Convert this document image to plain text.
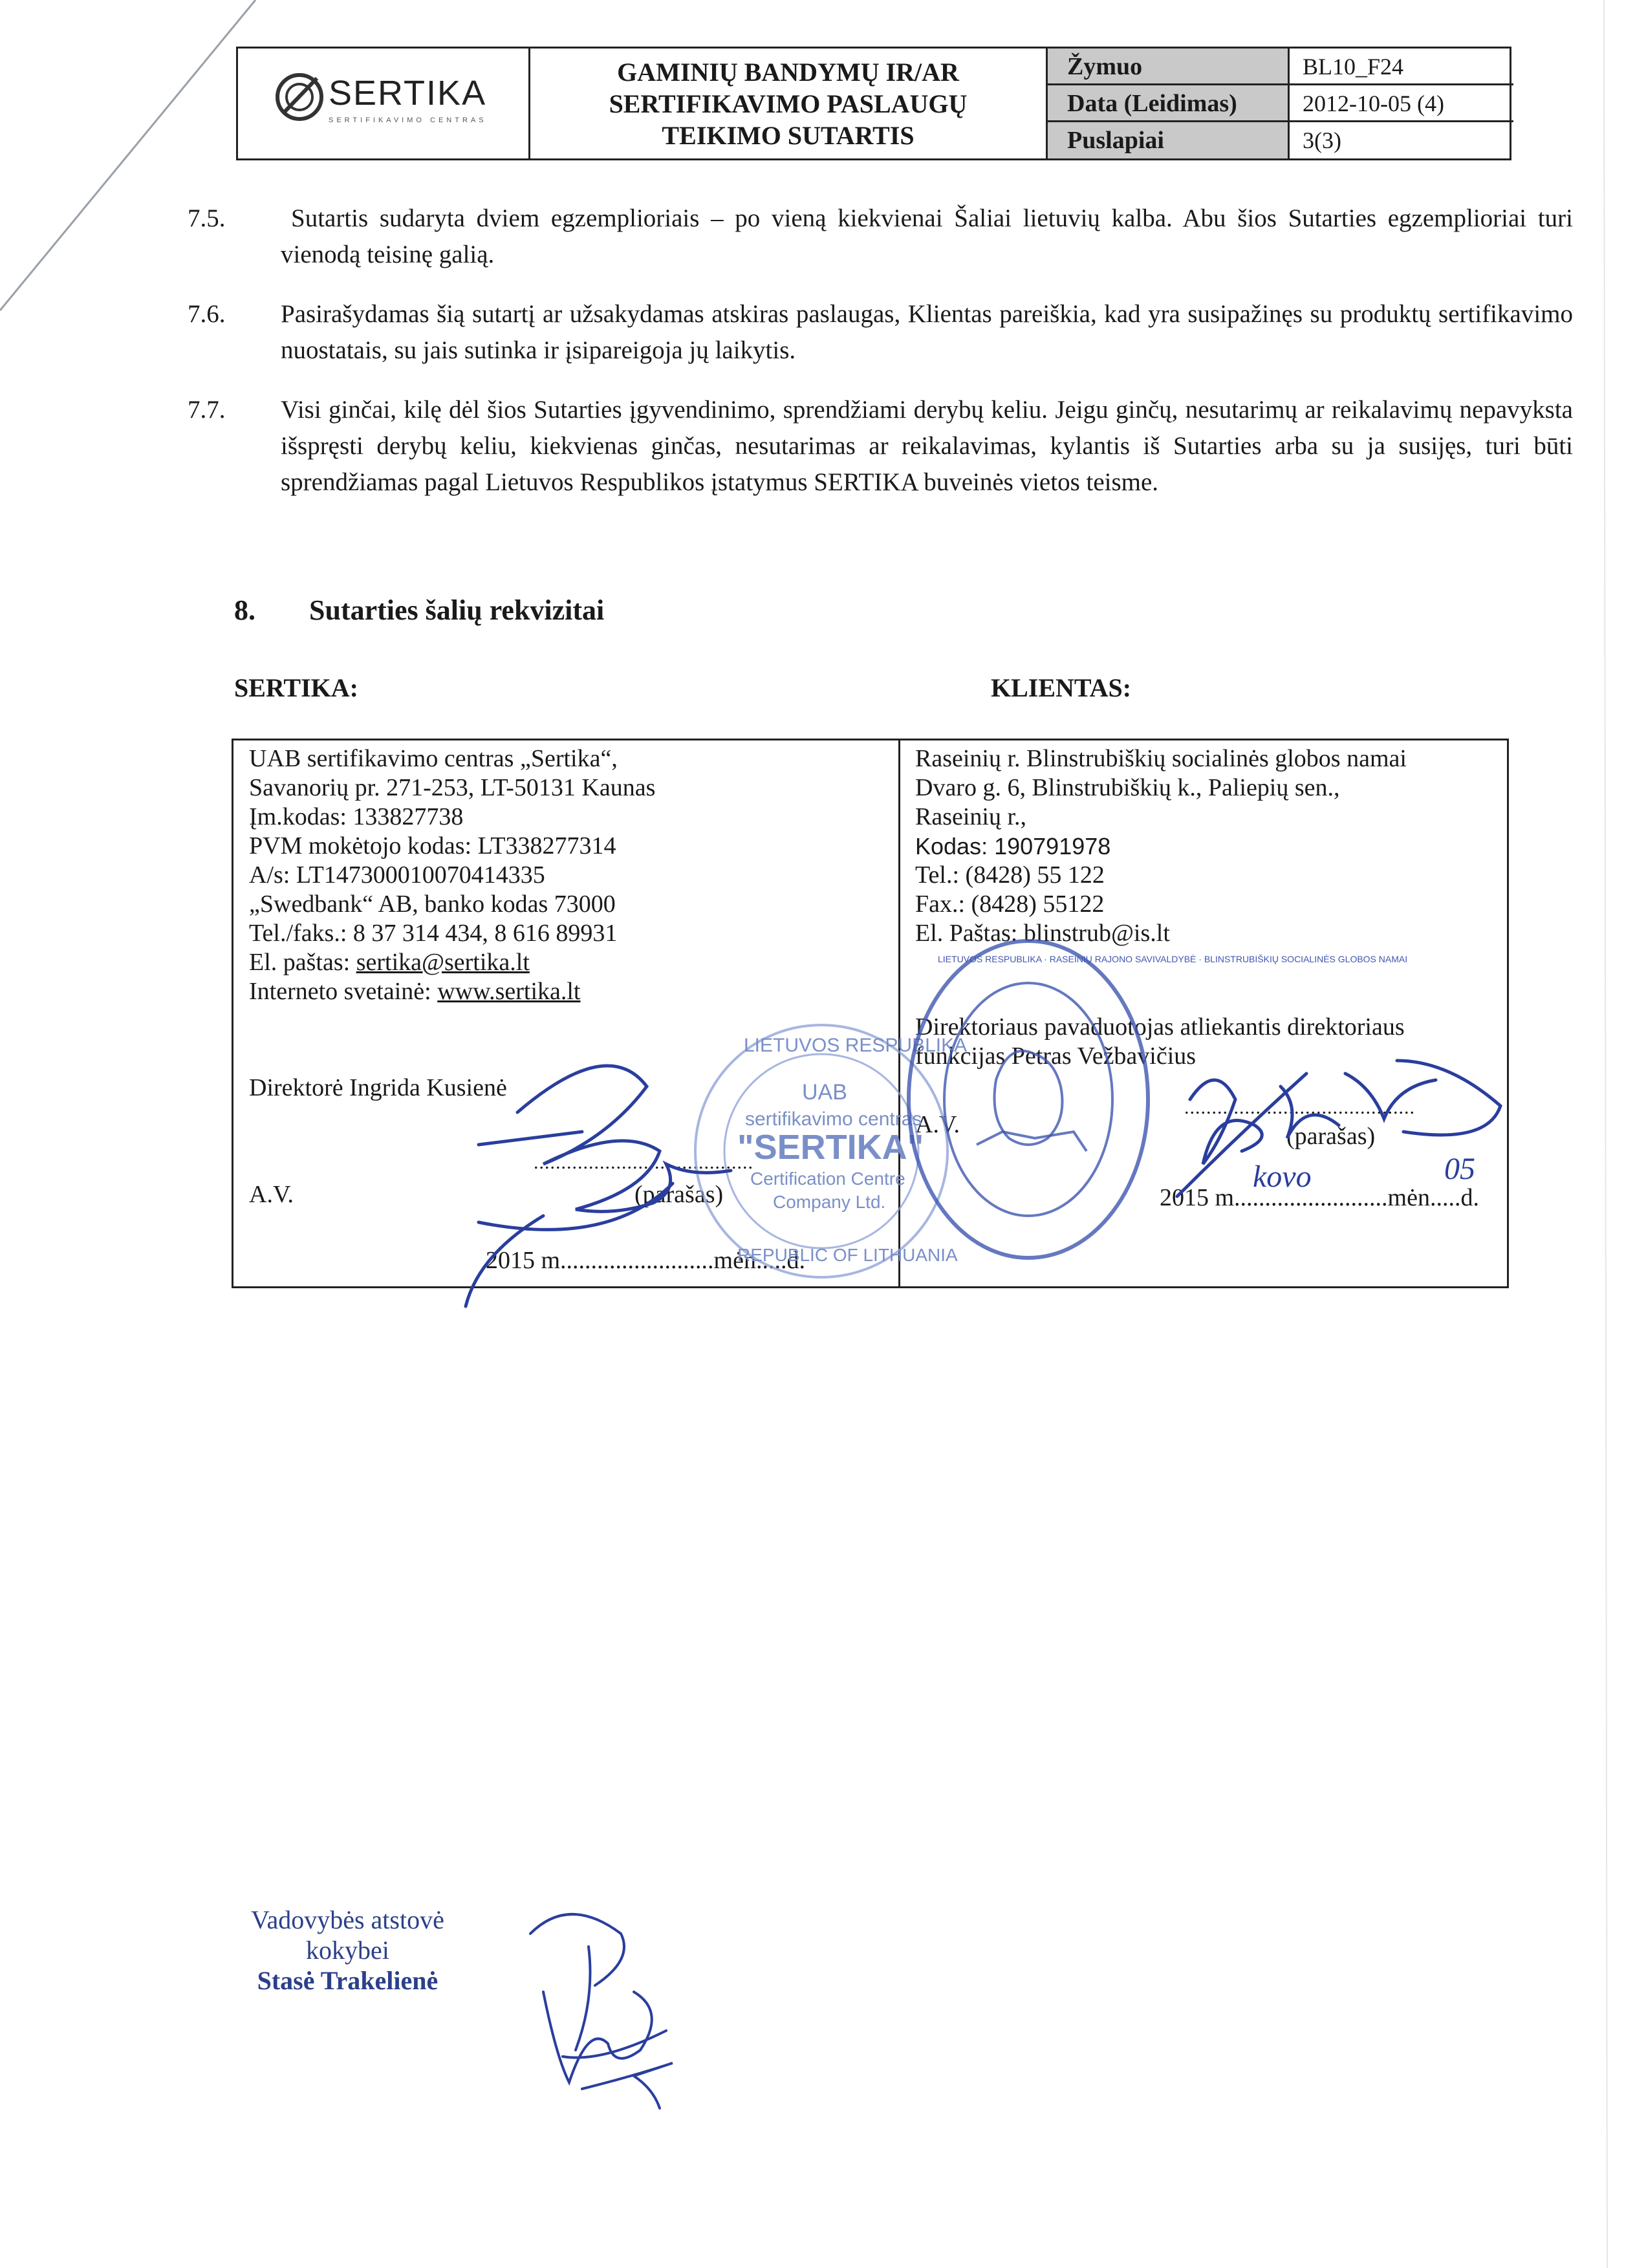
SERTIKA
SERTIFIKAVIMO CENTRAS
GAMINIŲ BANDYMŲ IR/AR
SERTIFIKAVIMO PASLAUGŲ
TEIKIMO SUTARTIS
Žymuo	BL10_F24
Data (Leidimas)	2012-10-05 (4)
Puslapiai	3(3)
7.5.	Sutartis sudaryta dviem egzemplioriais – po vieną kiekvienai Šaliai lietuvių kalba. Abu šios Sutarties egzemplioriai turi vienodą teisinę galią.
7.6. Pasirašydamas šią sutartį ar užsakydamas atskiras paslaugas, Klientas pareiškia, kad yra susipažinęs su produktų sertifikavimo nuostatais, su jais sutinka ir įsipareigoja jų laikytis.
7.7. Visi ginčai, kilę dėl šios Sutarties įgyvendinimo, sprendžiami derybų keliu. Jeigu ginčų, nesutarimų ar reikalavimų nepavyksta išspręsti derybų keliu, kiekvienas ginčas, nesutarimas ar reikalavimas, kylantis iš Sutarties arba su ja susijęs, turi būti sprendžiamas pagal Lietuvos Respublikos įstatymus SERTIKA buveinės vietos teisme.
8. Sutarties šalių rekvizitai
SERTIKA:	KLIENTAS:
UAB sertifikavimo centras „Sertika“,
Savanorių pr. 271-253, LT-50131 Kaunas
Įm.kodas: 133827738
PVM mokėtojo kodas: LT338277314
A/s: LT147300010070414335
„Swedbank“ AB, banko kodas 73000
Tel./faks.: 8 37 314 434, 8 616 89931
El. paštas: sertika@sertika.lt
Interneto svetainė: www.sertika.lt
Direktorė Ingrida Kusienė
........................................
A.V.	(parašas)
2015 m.........................mėn.....d.
Raseinių r. Blinstrubiškių socialinės globos namai
Dvaro g. 6, Blinstrubiškių k., Paliepių sen.,
Raseinių r.,
Kodas: 190791978
Tel.: (8428) 55 122
Fax.: (8428) 55122
El. Paštas: blinstrub@is.lt
Direktoriaus pavaduotojas atliekantis direktoriaus
funkcijas Petras Vežbavičius
A.V.
..........................................
(parašas)
2015 m.........................mėn.....d.
kovo	05
LIETUVOS RESPUBLIKA
UAB
sertifikavimo centras
"SERTIKA"
Certification Centre
Company Ltd.
REPUBLIC OF LITHUANIA
LIETUVOS RESPUBLIKA · RASEINIŲ RAJONO SAVIVALDYBĖ · BLINSTRUBIŠKIŲ SOCIALINĖS GLOBOS NAMAI
Vadovybės atstovė
kokybei
Stasė Trakelienė
